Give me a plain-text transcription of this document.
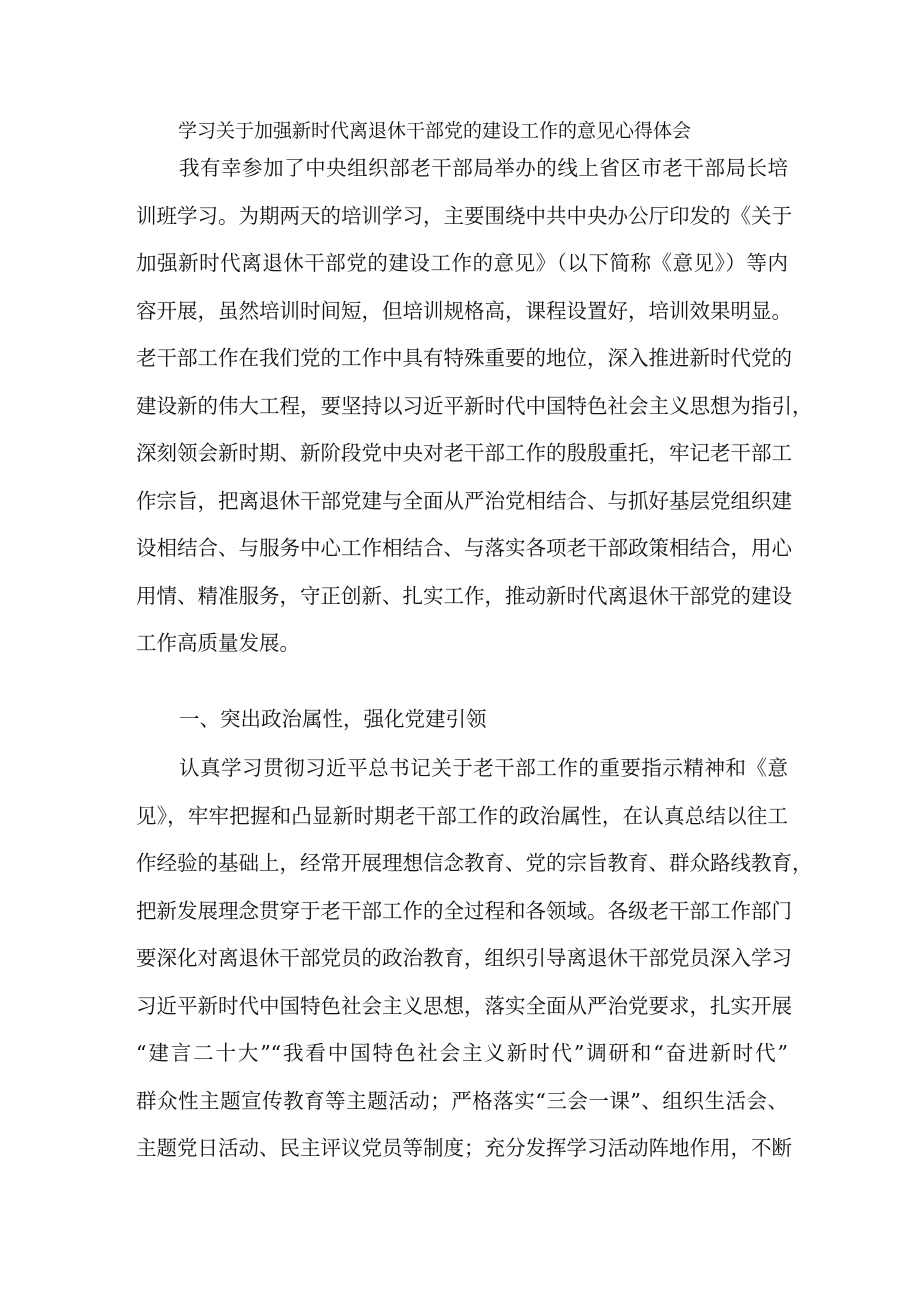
学习关于加强新时代离退休干部党的建设工作的意见心得体会
我有幸参加了中央组织部老干部局举办的线上省区市老干部局长培
训班学习。为期两天的培训学习，主要围绕中共中央办公厅印发的《关于
加强新时代离退休干部党的建设工作的意见》（以下简称《意见》）等内
容开展，虽然培训时间短，但培训规格高，课程设置好，培训效果明显。
老干部工作在我们党的工作中具有特殊重要的地位，深入推进新时代党的
建设新的伟大工程，要坚持以习近平新时代中国特色社会主义思想为指引，
深刻领会新时期、新阶段党中央对老干部工作的殷殷重托，牢记老干部工
作宗旨，把离退休干部党建与全面从严治党相结合、与抓好基层党组织建
设相结合、与服务中心工作相结合、与落实各项老干部政策相结合，用心
用情、精准服务，守正创新、扎实工作，推动新时代离退休干部党的建设
工作高质量发展。
一、突出政治属性，强化党建引领
认真学习贯彻习近平总书记关于老干部工作的重要指示精神和《意
见》，牢牢把握和凸显新时期老干部工作的政治属性，在认真总结以往工
作经验的基础上，经常开展理想信念教育、党的宗旨教育、群众路线教育，
把新发展理念贯穿于老干部工作的全过程和各领域。各级老干部工作部门
要深化对离退休干部党员的政治教育，组织引导离退休干部党员深入学习
习近平新时代中国特色社会主义思想，落实全面从严治党要求，扎实开展
“建言二十大”“我看中国特色社会主义新时代”调研和“奋进新时代”
群众性主题宣传教育等主题活动；严格落实“三会一课”、组织生活会、
主题党日活动、民主评议党员等制度；充分发挥学习活动阵地作用，不断
